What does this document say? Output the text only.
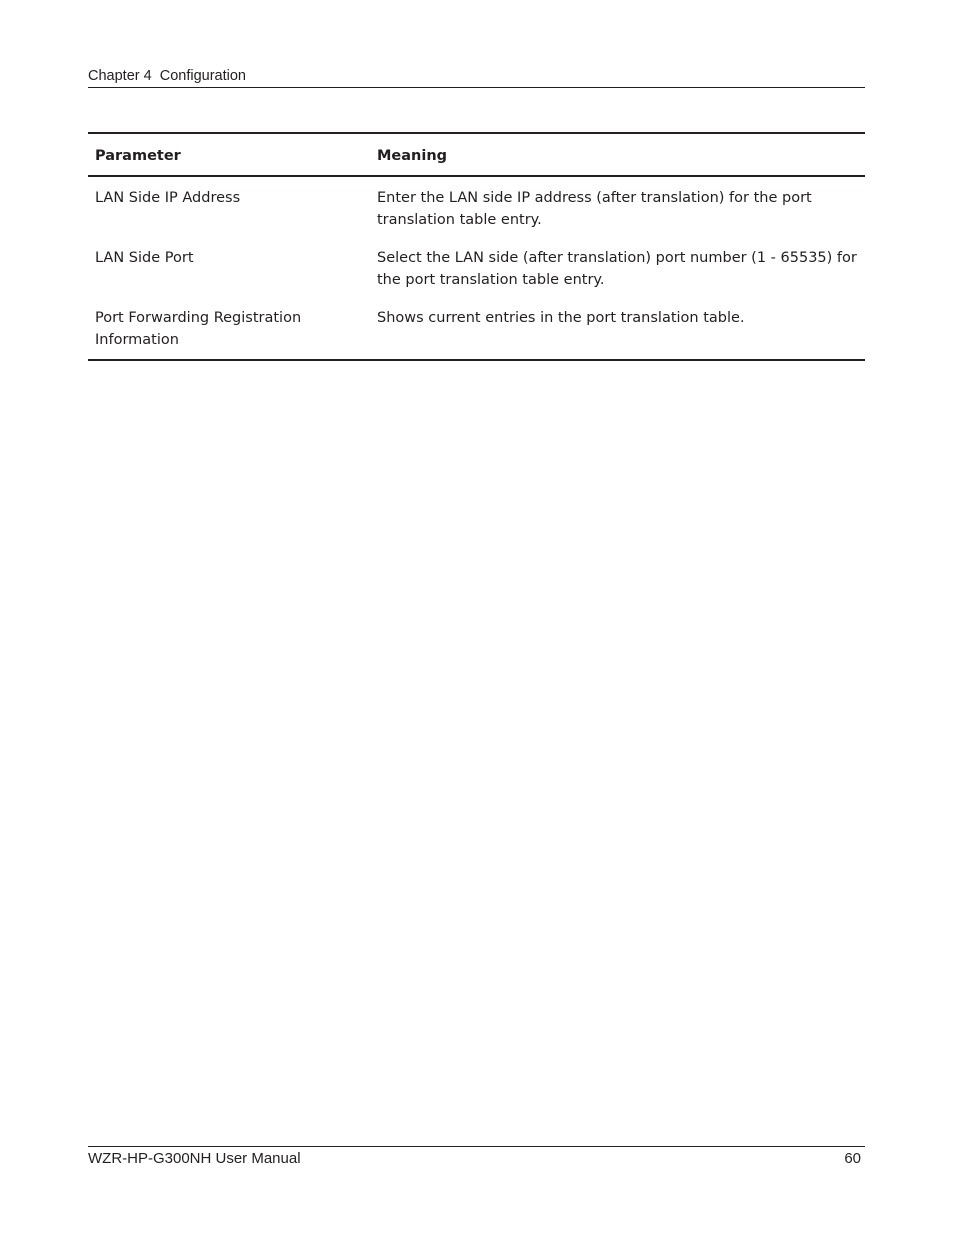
Chapter 4  Configuration
Parameter	Meaning
LAN Side IP Address	Enter the LAN side IP address (after translation) for the port translation table entry.
LAN Side Port	Select the LAN side (after translation) port number (1 - 65535) for the port translation table entry.
Port Forwarding Registration Information	Shows current entries in the port translation table.
WZR-HP-G300NH User Manual	60
